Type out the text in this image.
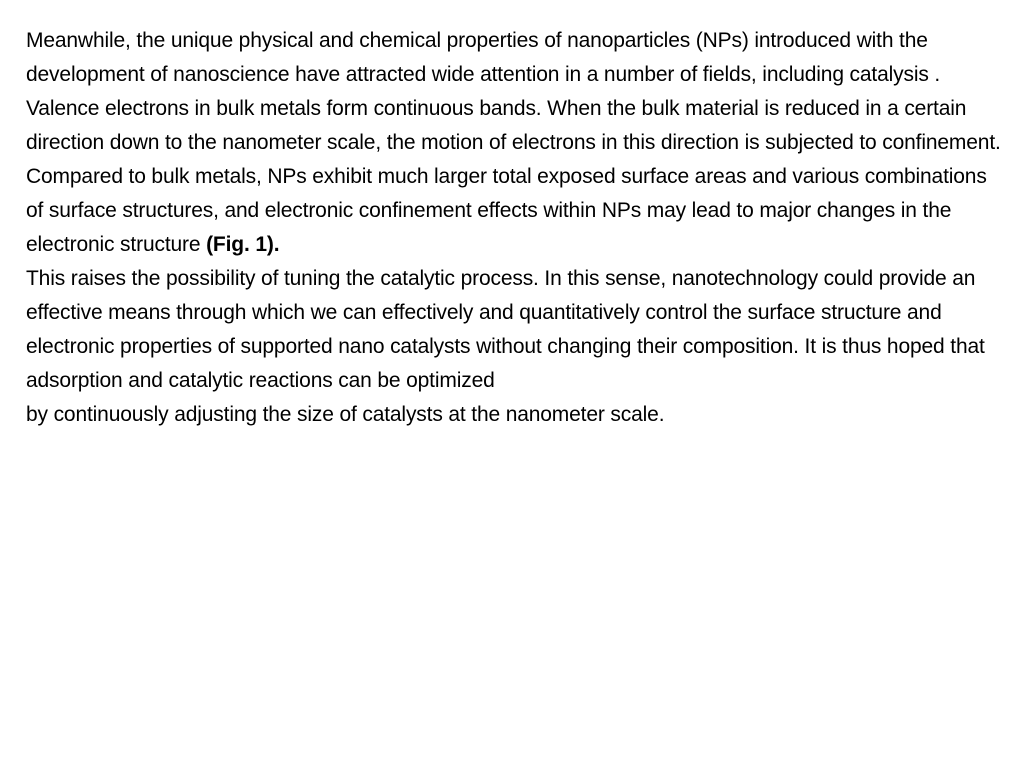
Meanwhile, the unique physical and chemical properties of nanoparticles (NPs) introduced with the development of nanoscience have attracted wide attention in a number of fields, including catalysis . Valence electrons in bulk metals form continuous bands. When the bulk material is reduced in a certain direction down to the nanometer scale, the motion of electrons in this direction is subjected to confinement. Compared to bulk metals, NPs exhibit much larger total exposed surface areas and various combinations of surface structures, and electronic confinement effects within NPs may lead to major changes in the electronic structure (Fig. 1).

This raises the possibility of tuning the catalytic process. In this sense, nanotechnology could provide an effective means through which we can effectively and quantitatively control the surface structure and electronic properties of supported nano catalysts without changing their composition. It is thus hoped that adsorption and catalytic reactions can be optimized

by continuously adjusting the size of catalysts at the nanometer scale.
